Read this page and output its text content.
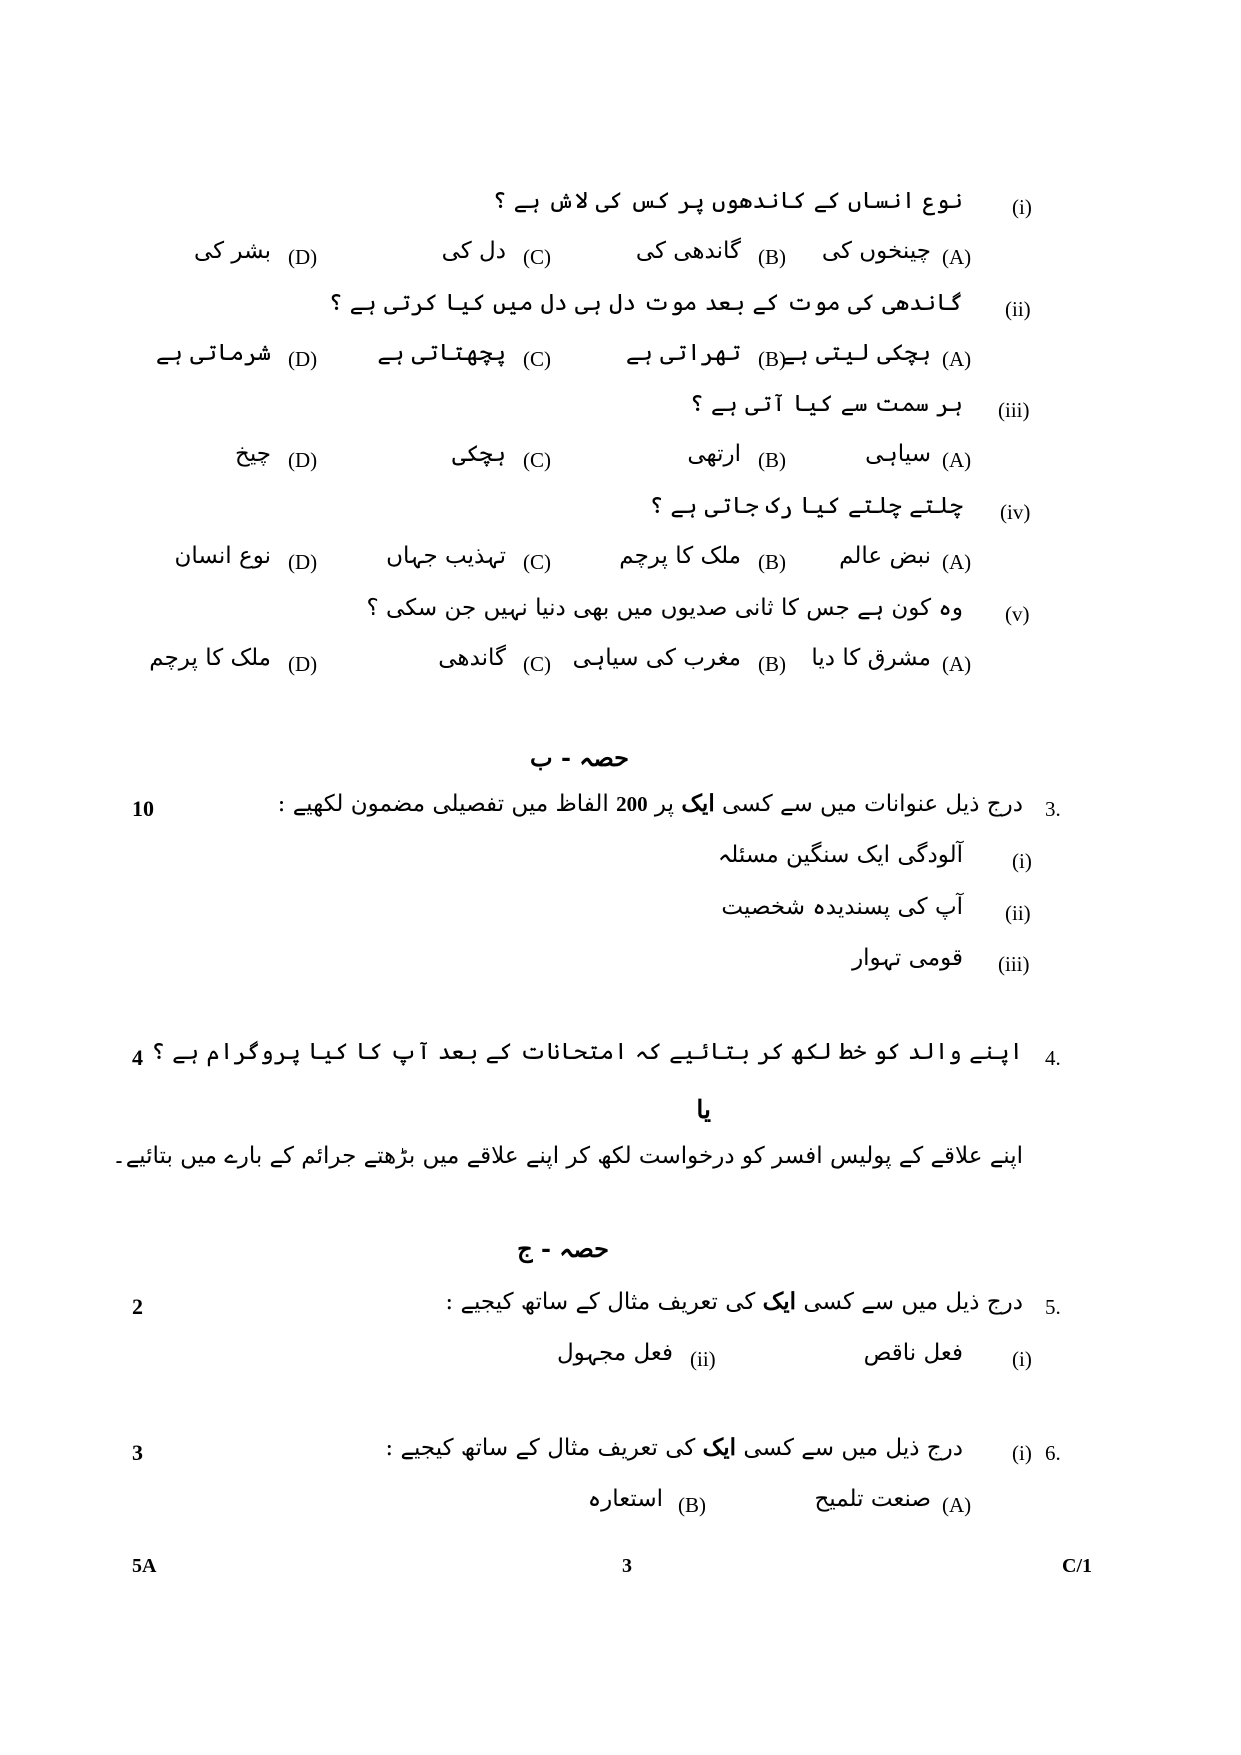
(i)
نوع انساں کے کاندھوں پر کس کی لاش ہے ؟
(A)
چینخوں کی
(B)
گاندھی کی
(C)
دل کی
(D)
بشر کی
(ii)
گاندھی کی موت کے بعد موت دل ہی دل میں کیا کرتی ہے ؟
(A)
ہچکی لیتی ہے
(B)
تھراتی ہے
(C)
پچھتاتی ہے
(D)
شرماتی ہے
(iii)
ہر سمت سے کیا آتی ہے ؟
(A)
سیاہی
(B)
ارتھی
(C)
ہچکی
(D)
چیخ
(iv)
چلتے چلتے کیا رک جاتی ہے ؟
(A)
نبض عالم
(B)
ملک کا پرچم
(C)
تہذیب جہاں
(D)
نوع انسان
(v)
وہ کون ہے جس کا ثانی صدیوں میں بھی دنیا نہیں جن سکی ؟
(A)
مشرق کا دیا
(B)
مغرب کی سیاہی
(C)
گاندھی
(D)
ملک کا پرچم
حصہ - ب
3.
درج ذیل عنوانات میں سے کسی ایک پر 200 الفاظ میں تفصیلی مضمون لکھیے :
10
(i)
آلودگی ایک سنگین مسئلہ
(ii)
آپ کی پسندیدہ شخصیت
(iii)
قومی تہوار
4.
اپنے والد کو خط لکھ کر بتائیے کہ امتحانات کے بعد آپ کا کیا پروگرام ہے ؟
4
یا
اپنے علاقے کے پولیس افسر کو درخواست لکھ کر اپنے علاقے میں بڑھتے جرائم کے بارے میں بتائیے۔
حصہ - ج
5.
درج ذیل میں سے کسی ایک کی تعریف مثال کے ساتھ کیجیے :
2
(i)
فعل ناقص
(ii)
فعل مجہول
6.
(i)
درج ذیل میں سے کسی ایک کی تعریف مثال کے ساتھ کیجیے :
3
(A)
صنعت تلمیح
(B)
استعارہ
5A	3	C/1
